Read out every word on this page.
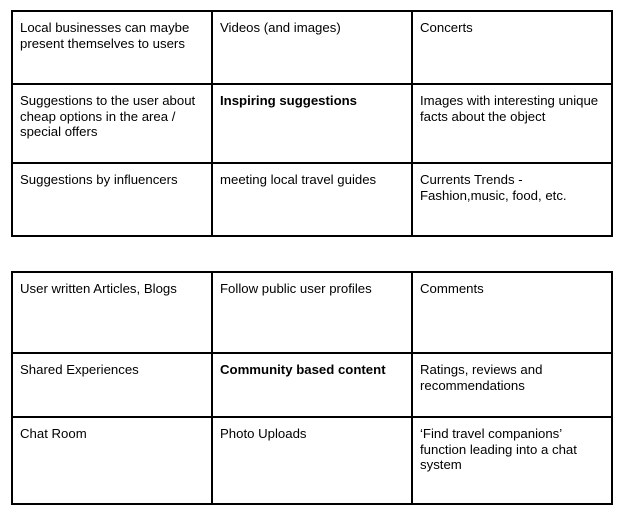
Local businesses can maybe present themselves to users	Videos (and images)	Concerts
Suggestions to the user about cheap options in the area / special offers	Inspiring suggestions	Images with interesting unique facts about the object
Suggestions by influencers	meeting local travel guides	Currents Trends - Fashion,music, food, etc.
User written Articles, Blogs	Follow public user profiles	Comments
Shared Experiences	Community based content	Ratings, reviews and recommendations
Chat Room	Photo Uploads	‘Find travel companions’ function leading into a chat system
